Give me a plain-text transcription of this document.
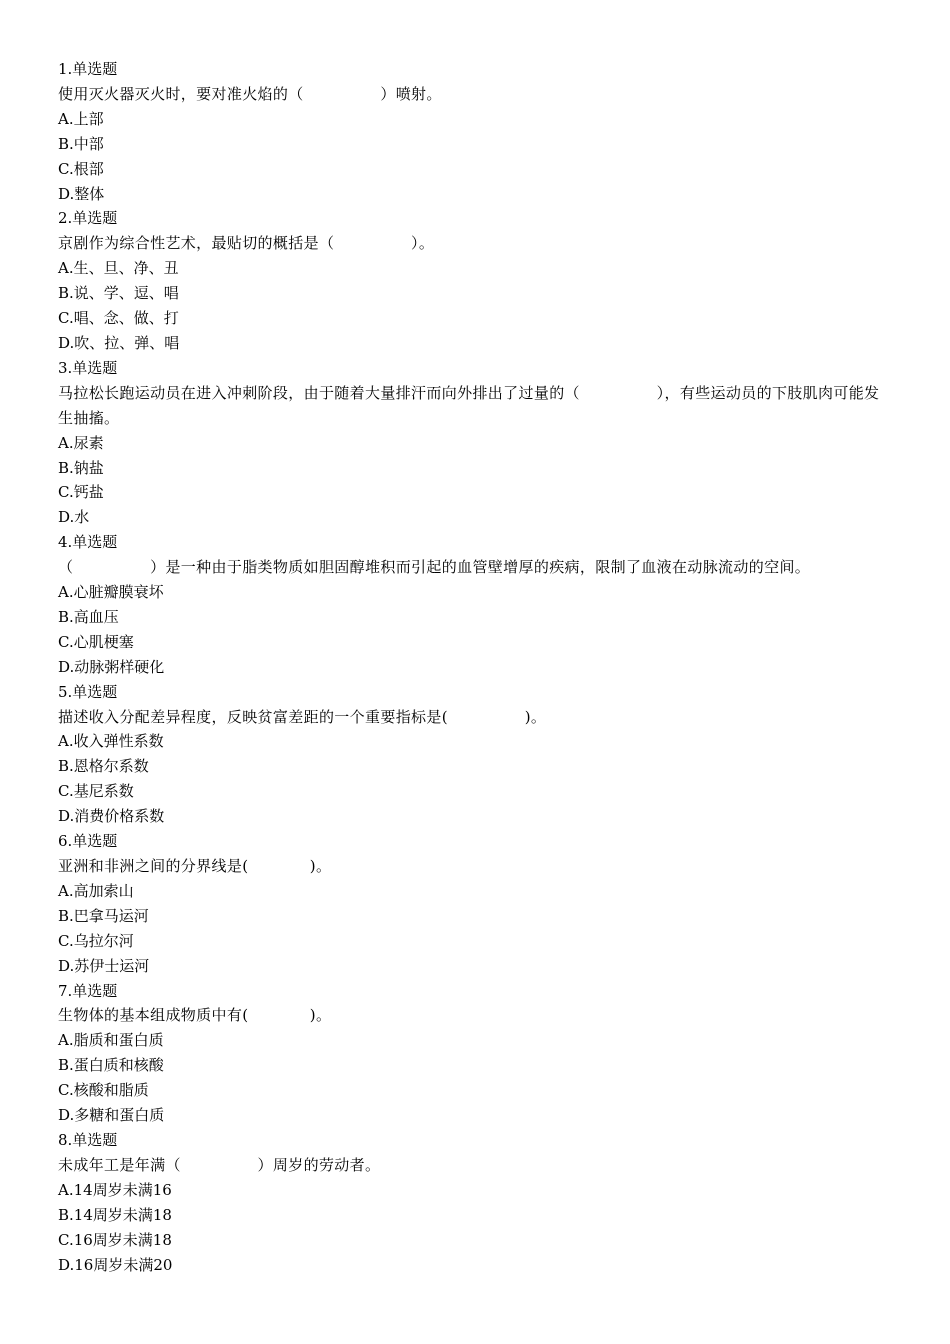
1.单选题

使用灭火器灭火时，要对准火焰的（　　　　　）喷射。

A.上部

B.中部

C.根部

D.整体

2.单选题

京剧作为综合性艺术，最贴切的概括是（　　　　　）。

A.生、旦、净、丑

B.说、学、逗、唱

C.唱、念、做、打

D.吹、拉、弹、唱

3.单选题

马拉松长跑运动员在进入冲刺阶段，由于随着大量排汗而向外排出了过量的（　　　　　），有些运动员的下肢肌肉可能发生抽搐。

A.尿素

B.钠盐

C.钙盐

D.水

4.单选题

（　　　　　）是一种由于脂类物质如胆固醇堆积而引起的血管壁增厚的疾病，限制了血液在动脉流动的空间。

A.心脏瓣膜衰坏

B.高血压

C.心肌梗塞

D.动脉粥样硬化

5.单选题

描述收入分配差异程度，反映贫富差距的一个重要指标是(　　　　　)。

A.收入弹性系数

B.恩格尔系数

C.基尼系数

D.消费价格系数

6.单选题

亚洲和非洲之间的分界线是(　　　　)。

A.高加索山

B.巴拿马运河

C.乌拉尔河

D.苏伊士运河

7.单选题

生物体的基本组成物质中有(　　　　)。

A.脂质和蛋白质

B.蛋白质和核酸

C.核酸和脂质

D.多糖和蛋白质

8.单选题

未成年工是年满（　　　　　）周岁的劳动者。

A.14周岁未满16

B.14周岁未满18

C.16周岁未满18

D.16周岁未满20
